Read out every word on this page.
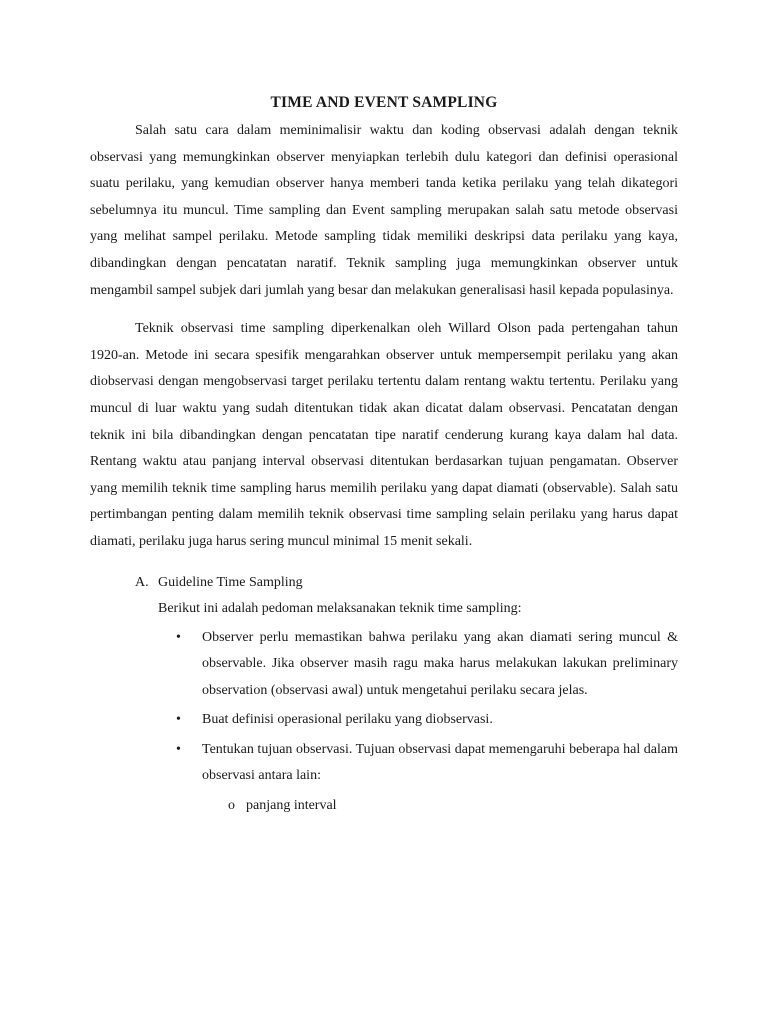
TIME AND EVENT SAMPLING

Salah satu cara dalam meminimalisir waktu dan koding observasi adalah dengan teknik observasi yang memungkinkan observer menyiapkan terlebih dulu kategori dan definisi operasional suatu perilaku, yang kemudian observer hanya memberi tanda ketika perilaku yang telah dikategori sebelumnya itu muncul. Time sampling dan Event sampling merupakan salah satu metode observasi yang melihat sampel perilaku. Metode sampling tidak memiliki deskripsi data perilaku yang kaya, dibandingkan dengan pencatatan naratif. Teknik sampling juga memungkinkan observer untuk mengambil sampel subjek dari jumlah yang besar dan melakukan generalisasi hasil kepada populasinya.

Teknik observasi time sampling diperkenalkan oleh Willard Olson pada pertengahan tahun 1920-an. Metode ini secara spesifik mengarahkan observer untuk mempersempit perilaku yang akan diobservasi dengan mengobservasi target perilaku tertentu dalam rentang waktu tertentu. Perilaku yang muncul di luar waktu yang sudah ditentukan tidak akan dicatat dalam observasi. Pencatatan dengan teknik ini bila dibandingkan dengan pencatatan tipe naratif cenderung kurang kaya dalam hal data. Rentang waktu atau panjang interval observasi ditentukan berdasarkan tujuan pengamatan. Observer yang memilih teknik time sampling harus memilih perilaku yang dapat diamati (observable). Salah satu pertimbangan penting dalam memilih teknik observasi time sampling selain perilaku yang harus dapat diamati, perilaku juga harus sering muncul minimal 15 menit sekali.

A. Guideline Time Sampling
Berikut ini adalah pedoman melaksanakan teknik time sampling:
•	Observer perlu memastikan bahwa perilaku yang akan diamati sering muncul & observable. Jika observer masih ragu maka harus melakukan lakukan preliminary observation (observasi awal) untuk mengetahui perilaku secara jelas.
•	Buat definisi operasional perilaku yang diobservasi.
•	Tentukan tujuan observasi. Tujuan observasi dapat memengaruhi beberapa hal dalam observasi antara lain:
o panjang interval
